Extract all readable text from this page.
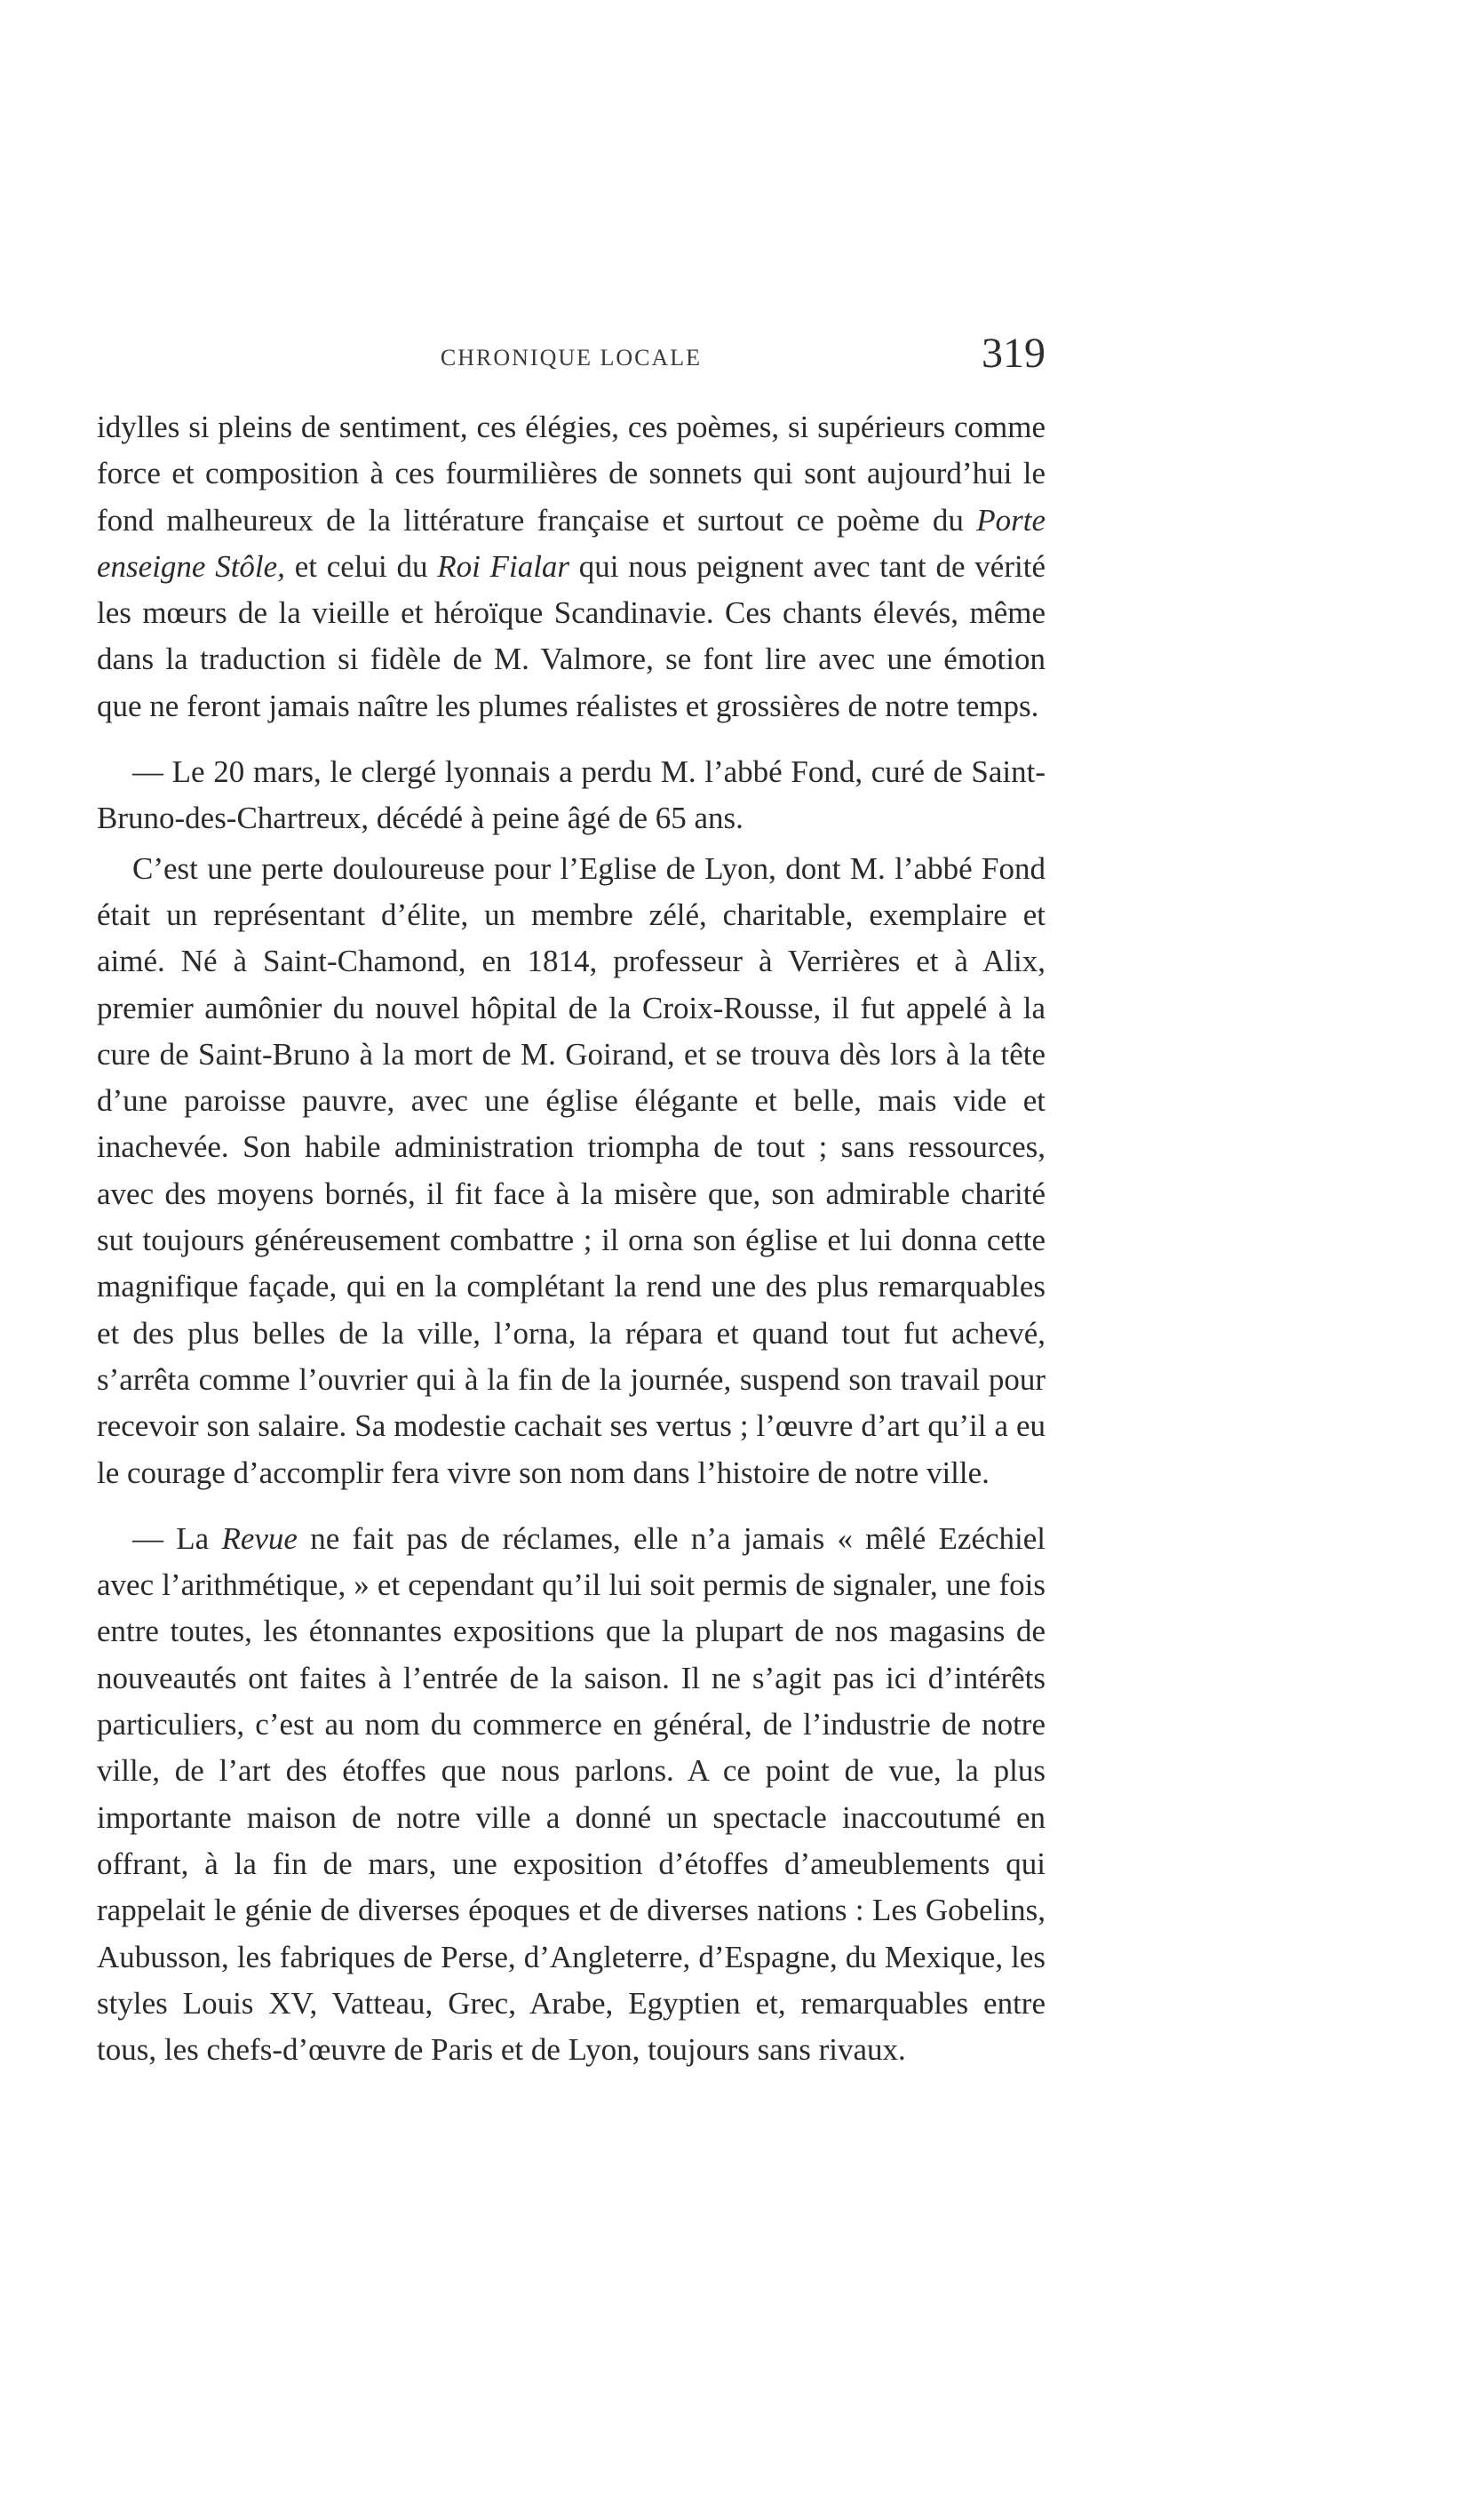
CHRONIQUE LOCALE	319

idylles si pleins de sentiment, ces élégies, ces poèmes, si supérieurs comme force et composition à ces fourmilières de sonnets qui sont aujourd’hui le fond malheureux de la littérature française et surtout ce poème du Porte enseigne Stôle, et celui du Roi Fialar qui nous peignent avec tant de vérité les mœurs de la vieille et héroïque Scandinavie. Ces chants élevés, même dans la traduction si fidèle de M. Valmore, se font lire avec une émotion que ne feront jamais naître les plumes réalistes et grossières de notre temps.

— Le 20 mars, le clergé lyonnais a perdu M. l’abbé Fond, curé de Saint-Bruno-des-Chartreux, décédé à peine âgé de 65 ans.

C’est une perte douloureuse pour l’Eglise de Lyon, dont M. l’abbé Fond était un représentant d’élite, un membre zélé, charitable, exemplaire et aimé. Né à Saint-Chamond, en 1814, professeur à Verrières et à Alix, premier aumônier du nouvel hôpital de la Croix-Rousse, il fut appelé à la cure de Saint-Bruno à la mort de M. Goirand, et se trouva dès lors à la tête d’une paroisse pauvre, avec une église élégante et belle, mais vide et inachevée. Son habile administration triompha de tout ; sans ressources, avec des moyens bornés, il fit face à la misère que, son admirable charité sut toujours généreusement combattre ; il orna son église et lui donna cette magnifique façade, qui en la complétant la rend une des plus remarquables et des plus belles de la ville, l’orna, la répara et quand tout fut achevé, s’arrêta comme l’ouvrier qui à la fin de la journée, suspend son travail pour recevoir son salaire. Sa modestie cachait ses vertus ; l’œuvre d’art qu’il a eu le courage d’accomplir fera vivre son nom dans l’histoire de notre ville.

— La Revue ne fait pas de réclames, elle n’a jamais « mêlé Ezéchiel avec l’arithmétique, » et cependant qu’il lui soit permis de signaler, une fois entre toutes, les étonnantes expositions que la plupart de nos magasins de nouveautés ont faites à l’entrée de la saison. Il ne s’agit pas ici d’intérêts particuliers, c’est au nom du commerce en général, de l’industrie de notre ville, de l’art des étoffes que nous parlons. A ce point de vue, la plus importante maison de notre ville a donné un spectacle inaccoutumé en offrant, à la fin de mars, une exposition d’étoffes d’ameublements qui rappelait le génie de diverses époques et de diverses nations : Les Gobelins, Aubusson, les fabriques de Perse, d’Angleterre, d’Espagne, du Mexique, les styles Louis XV, Vatteau, Grec, Arabe, Egyptien et, remarquables entre tous, les chefs-d’œuvre de Paris et de Lyon, toujours sans rivaux.
